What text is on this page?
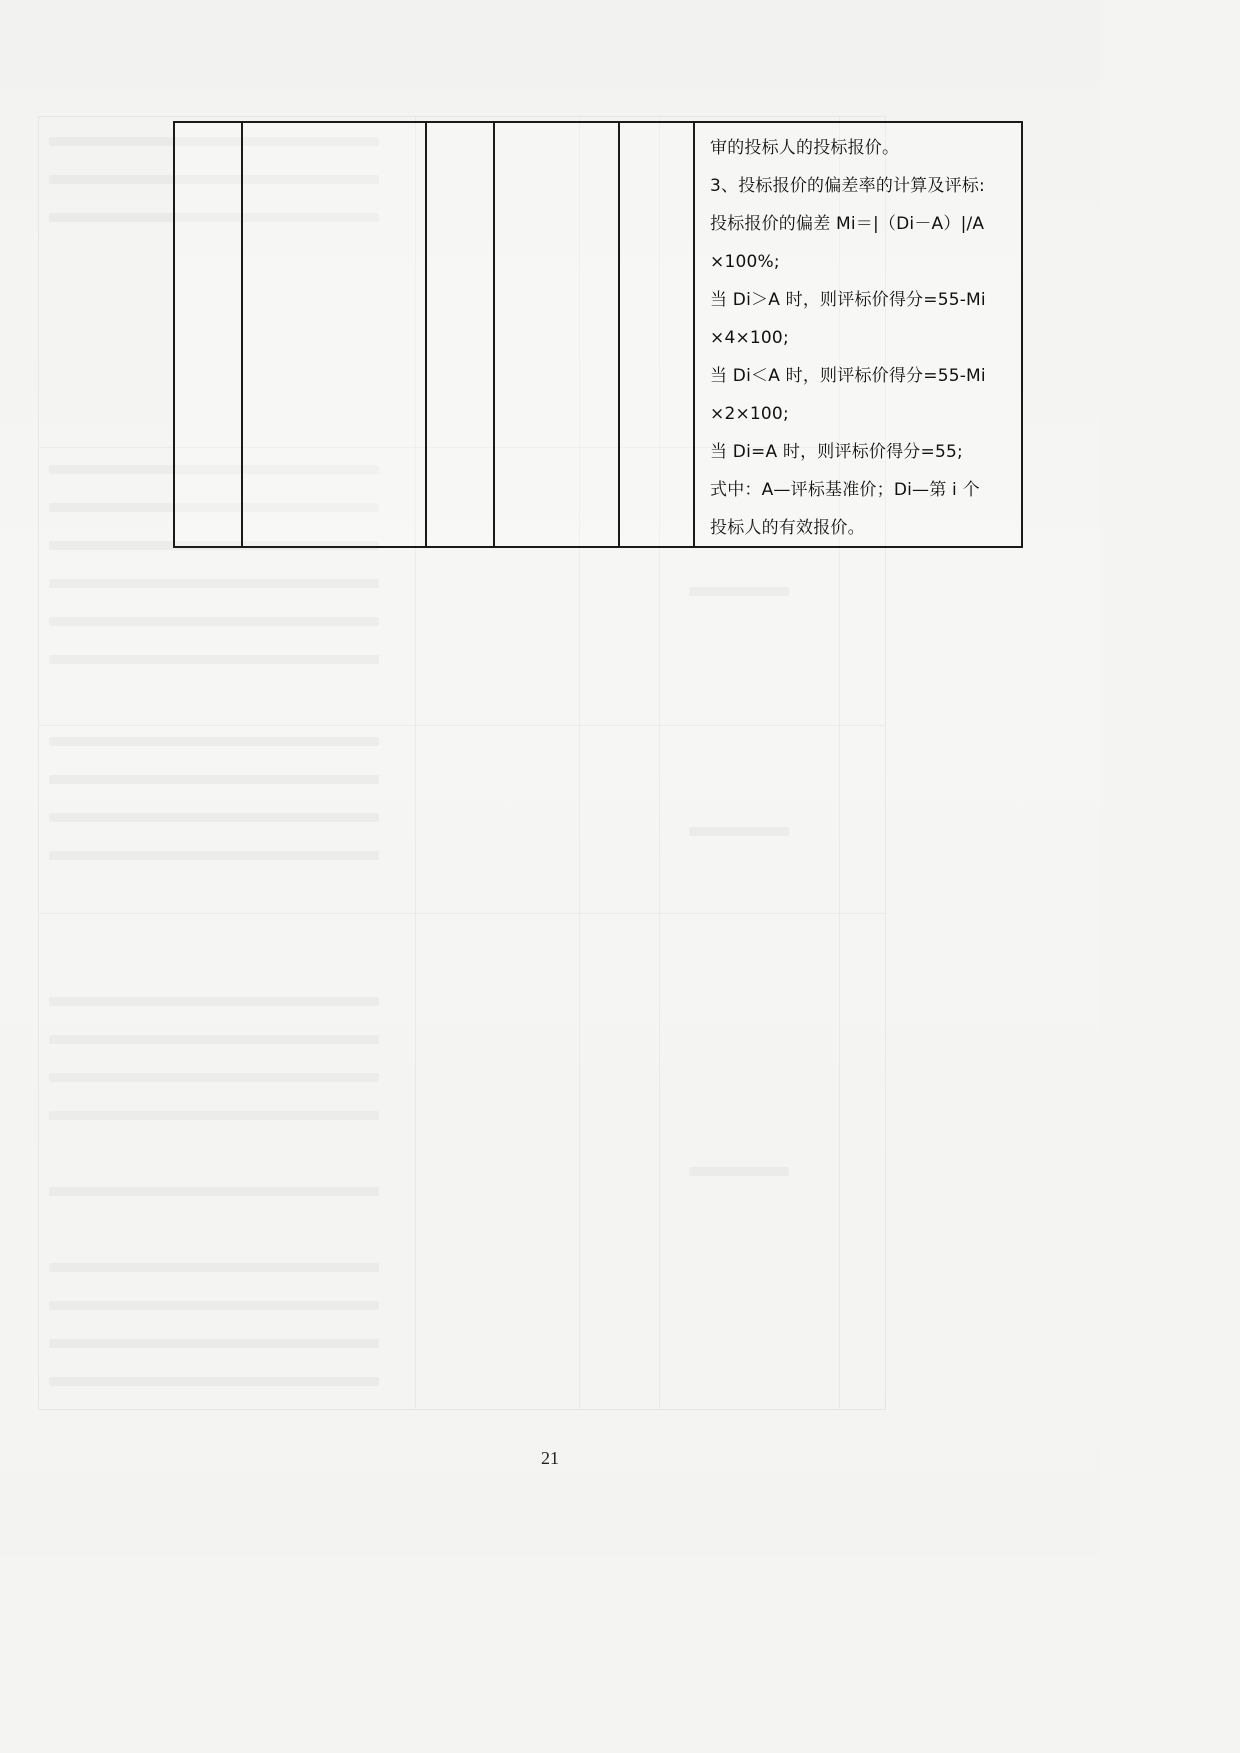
审的投标人的投标报价。

3、投标报价的偏差率的计算及评标:

投标报价的偏差 Mi＝|（Di－A）|/A

×100%;

当 Di＞A 时，则评标价得分=55-Mi

×4×100;

当 Di＜A 时，则评标价得分=55-Mi

×2×100;

当 Di=A 时，则评标价得分=55;

式中：A—评标基准价；Di—第 i 个

投标人的有效报价。

21
